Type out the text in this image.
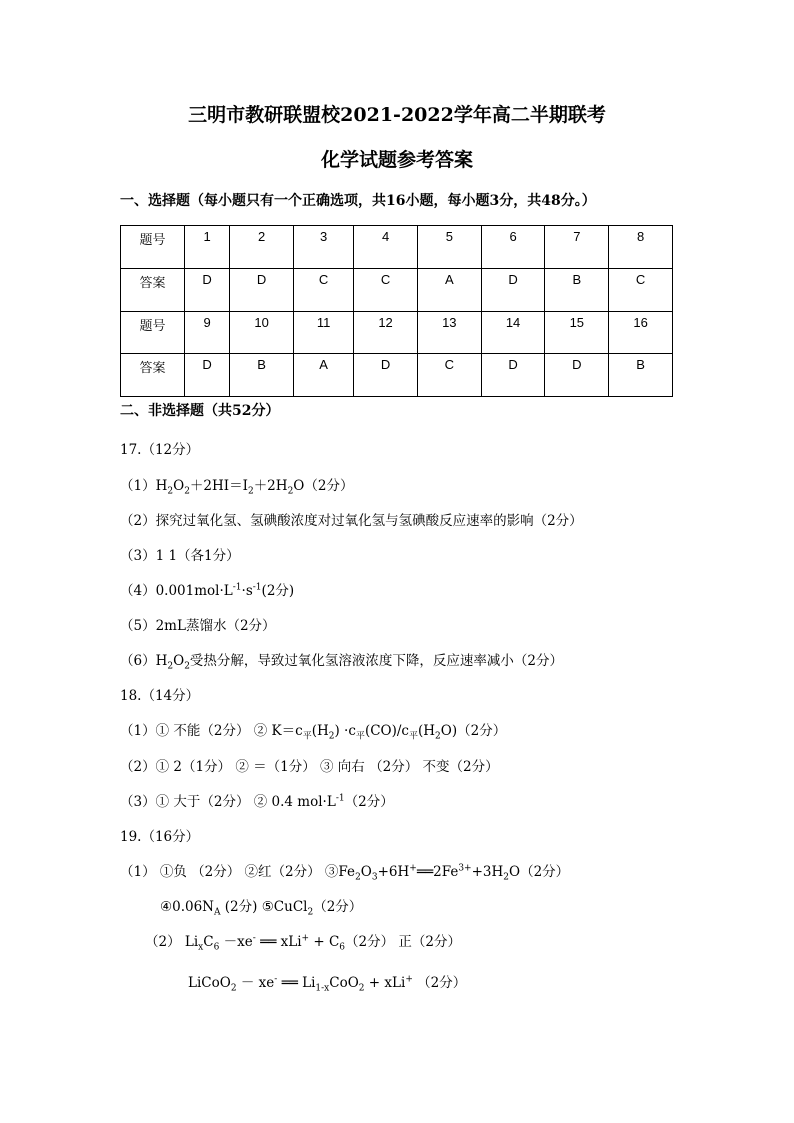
三明市教研联盟校2021-2022学年高二半期联考
化学试题参考答案
一、选择题（每小题只有一个正确选项，共16小题，每小题3分，共48分。）
题号	1	2	3	4	5	6	7	8
答案	D	D	C	C	A	D	B	C
题号	9	10	11	12	13	14	15	16
答案	D	B	A	D	C	D	D	B
二、非选择题（共52分）
17.（12分）
$(1)H_2O_2+2HI=I_2+2H_2O(2$分）
（2）探究过氧化氢、氢碘酸浓度对过氧化氢与氢碘酸反应速率的影响（2分）
（3）1 1（各1分）
$(4)0.001mol\cdot L^{-1}\cdot s^{-1}(2$分)
（5）2mL蒸馏水（2分）
$(6)H_2O_2$受热分解，导致过氧化氢溶液浓度下降，反应速率减小（2分）
18.（14分）
（1）① 不能（2分） ② $K=c_平(H_2) \cdot c_平(CO)/c_平(H_2O)(2$分）
（2）① 2（1分） ② ＝（1分） ③ 向右 （2分） 不变（2分）
（3）① 大于（2分） ② 0.4 $mol\cdot L^{-1}(2$分）
19.（16分）
（1） ①负 （2分） ②红（2分） $③Fe_2O_3+6H^+══2Fe^{3+}+3H_2O(2$分）
$④0.06N_A$ (2分) ⑤CuCl$_2$（2分）
（2） $Li_xC_6 -xe^-$ ══ $xLi^+ + C_6(2$分） 正（2分）
LiCoO$_2$ － xe- ══ $Li_{1-x}CoO_2 + xLi^+$ （2分）
